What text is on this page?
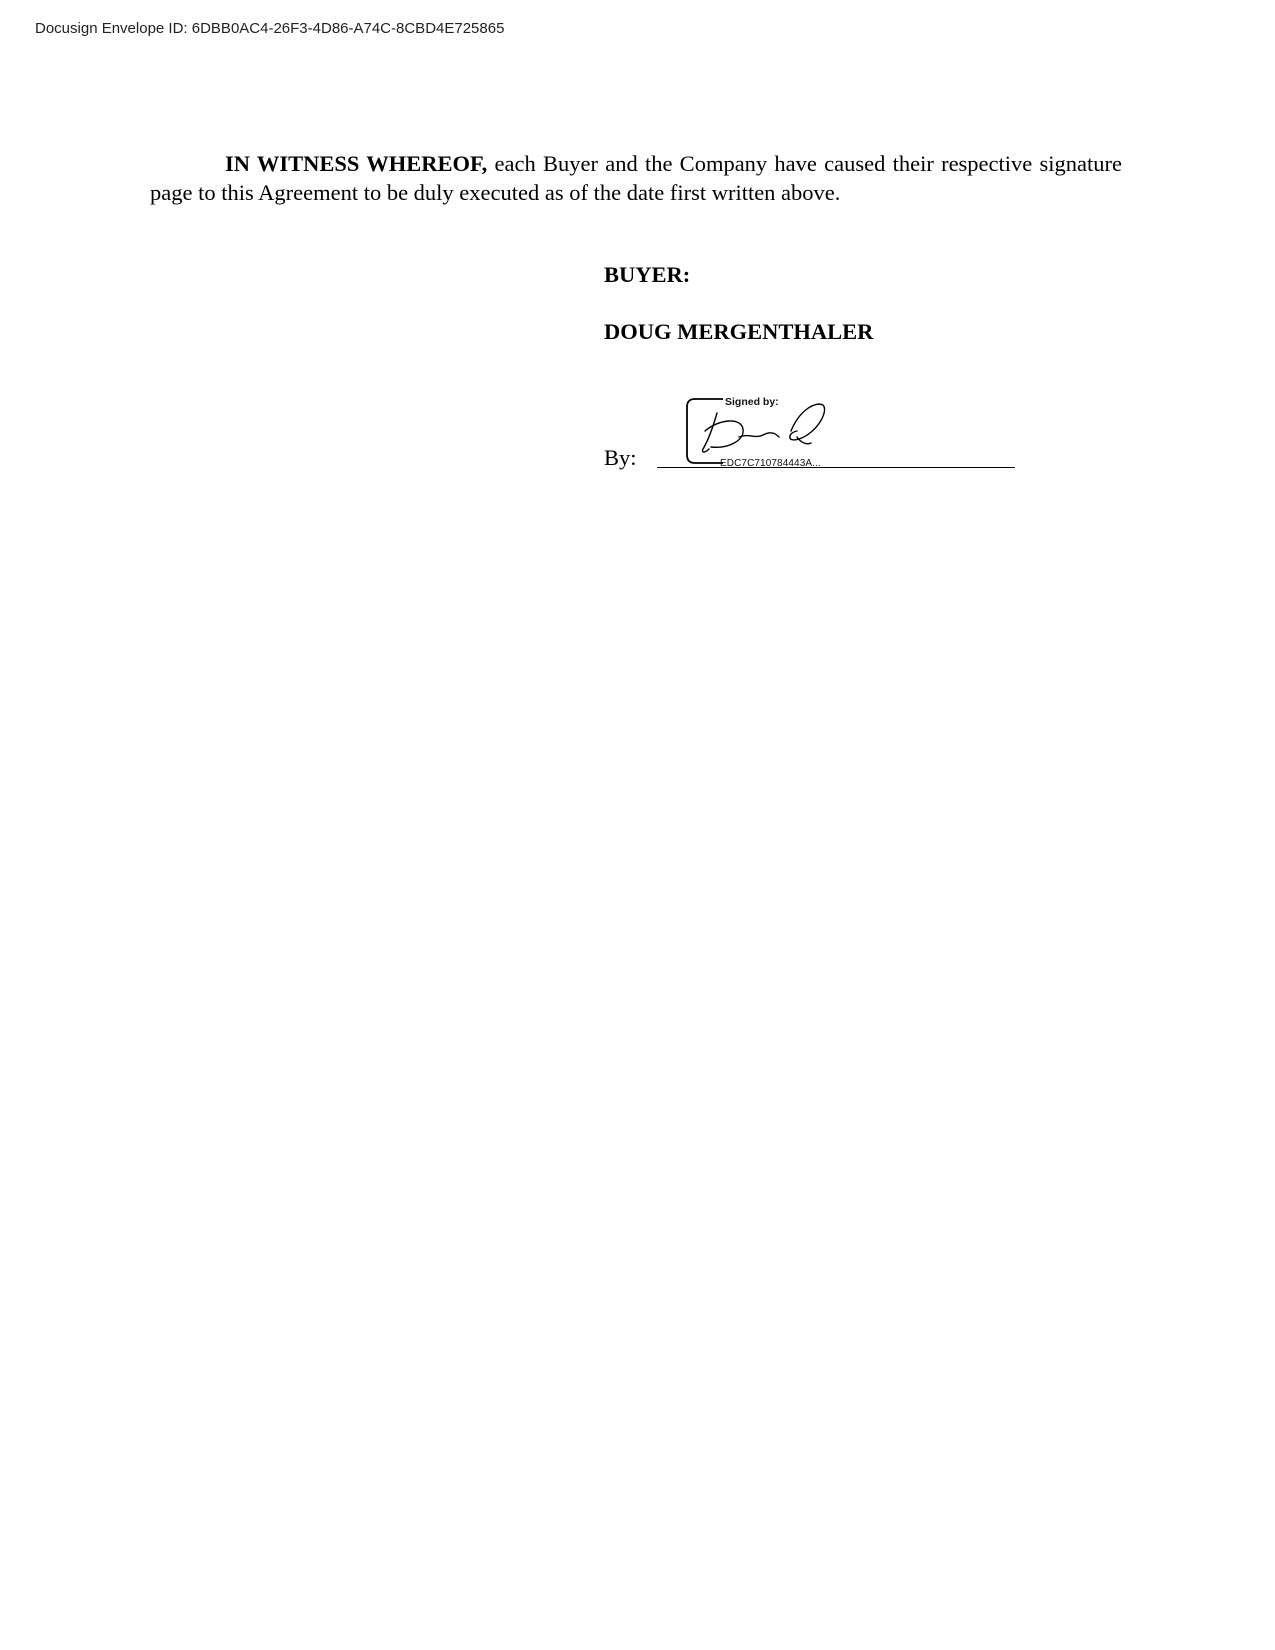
Docusign Envelope ID: 6DBB0AC4-26F3-4D86-A74C-8CBD4E725865

IN WITNESS WHEREOF, each Buyer and the Company have caused their respective signature page to this Agreement to be duly executed as of the date first written above.

BUYER:

DOUG MERGENTHALER

By:
Signed by:
EDC7C710784443A...
